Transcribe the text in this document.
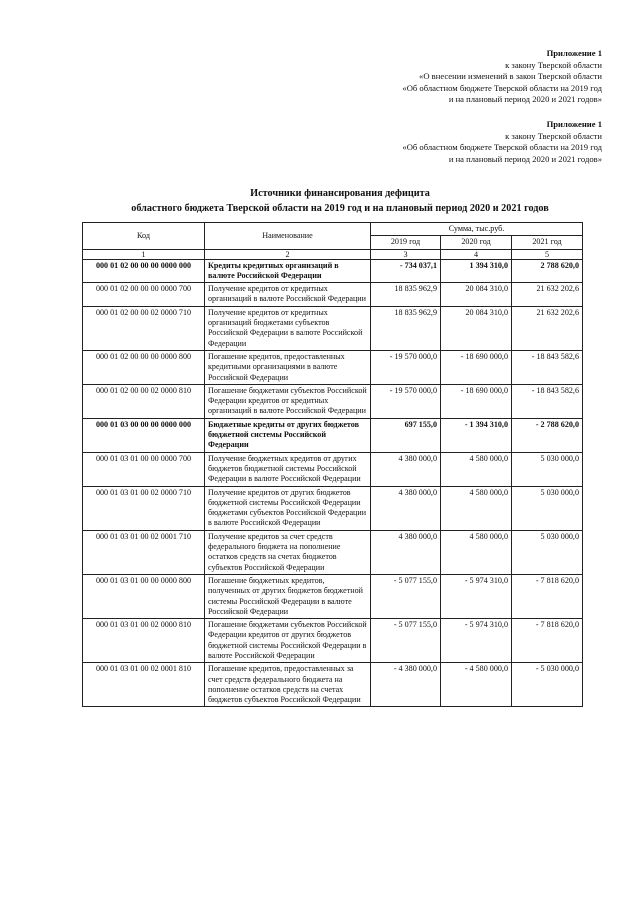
Приложение 1
к закону Тверской области
«О внесении изменений в закон Тверской области
«Об областном бюджете Тверской области на 2019 год
и на плановый период 2020 и 2021 годов»
Приложение 1
к закону Тверской области
«Об областном бюджете Тверской области на 2019 год
и на плановый период 2020 и 2021 годов»
Источники финансирования дефицита
областного бюджета Тверской области на 2019 год и на плановый период 2020 и 2021 годов
Код	Наименование	Сумма, тыс.руб.		
		2019 год	2020 год	2021 год
1	2	3	4	5
000 01 02 00 00 00 0000 000	Кредиты кредитных организаций в валюте Российской Федерации	- 734 037,1	1 394 310,0	2 788 620,0
000 01 02 00 00 00 0000 700	Получение кредитов от кредитных организаций в валюте Российской Федерации	18 835 962,9	20 084 310,0	21 632 202,6
000 01 02 00 00 02 0000 710	Получение кредитов от кредитных организаций бюджетами субъектов Российской Федерации в валюте Российской Федерации	18 835 962,9	20 084 310,0	21 632 202,6
000 01 02 00 00 00 0000 800	Погашение кредитов, предоставленных кредитными организациями в валюте Российской Федерации	- 19 570 000,0	- 18 690 000,0	- 18 843 582,6
000 01 02 00 00 02 0000 810	Погашение бюджетами субъектов Российской Федерации кредитов от кредитных организаций в валюте Российской Федерации	- 19 570 000,0	- 18 690 000,0	- 18 843 582,6
000 01 03 00 00 00 0000 000	Бюджетные кредиты от других бюджетов бюджетной системы Российской Федерации	697 155,0	- 1 394 310,0	- 2 788 620,0
000 01 03 01 00 00 0000 700	Получение бюджетных кредитов от других бюджетов бюджетной системы Российской Федерации в валюте Российской Федерации	4 380 000,0	4 580 000,0	5 030 000,0
000 01 03 01 00 02 0000 710	Получение кредитов от других бюджетов бюджетной системы Российской Федерации бюджетами субъектов Российской Федерации в валюте Российской Федерации	4 380 000,0	4 580 000,0	5 030 000,0
000 01 03 01 00 02 0001 710	Получение кредитов за счет средств федерального бюджета на пополнение остатков средств на счетах бюджетов субъектов Российской Федерации	4 380 000,0	4 580 000,0	5 030 000,0
000 01 03 01 00 00 0000 800	Погашение бюджетных кредитов, полученных от других бюджетов бюджетной системы Российской Федерации в валюте Российской Федерации	- 5 077 155,0	- 5 974 310,0	- 7 818 620,0
000 01 03 01 00 02 0000 810	Погашение бюджетами субъектов Российской Федерации кредитов от других бюджетов бюджетной системы Российской Федерации в валюте Российской Федерации	- 5 077 155,0	- 5 974 310,0	- 7 818 620,0
000 01 03 01 00 02 0001 810	Погашение кредитов, предоставленных за счет средств федерального бюджета на пополнение остатков средств на счетах бюджетов субъектов Российской Федерации	- 4 380 000,0	- 4 580 000,0	- 5 030 000,0
